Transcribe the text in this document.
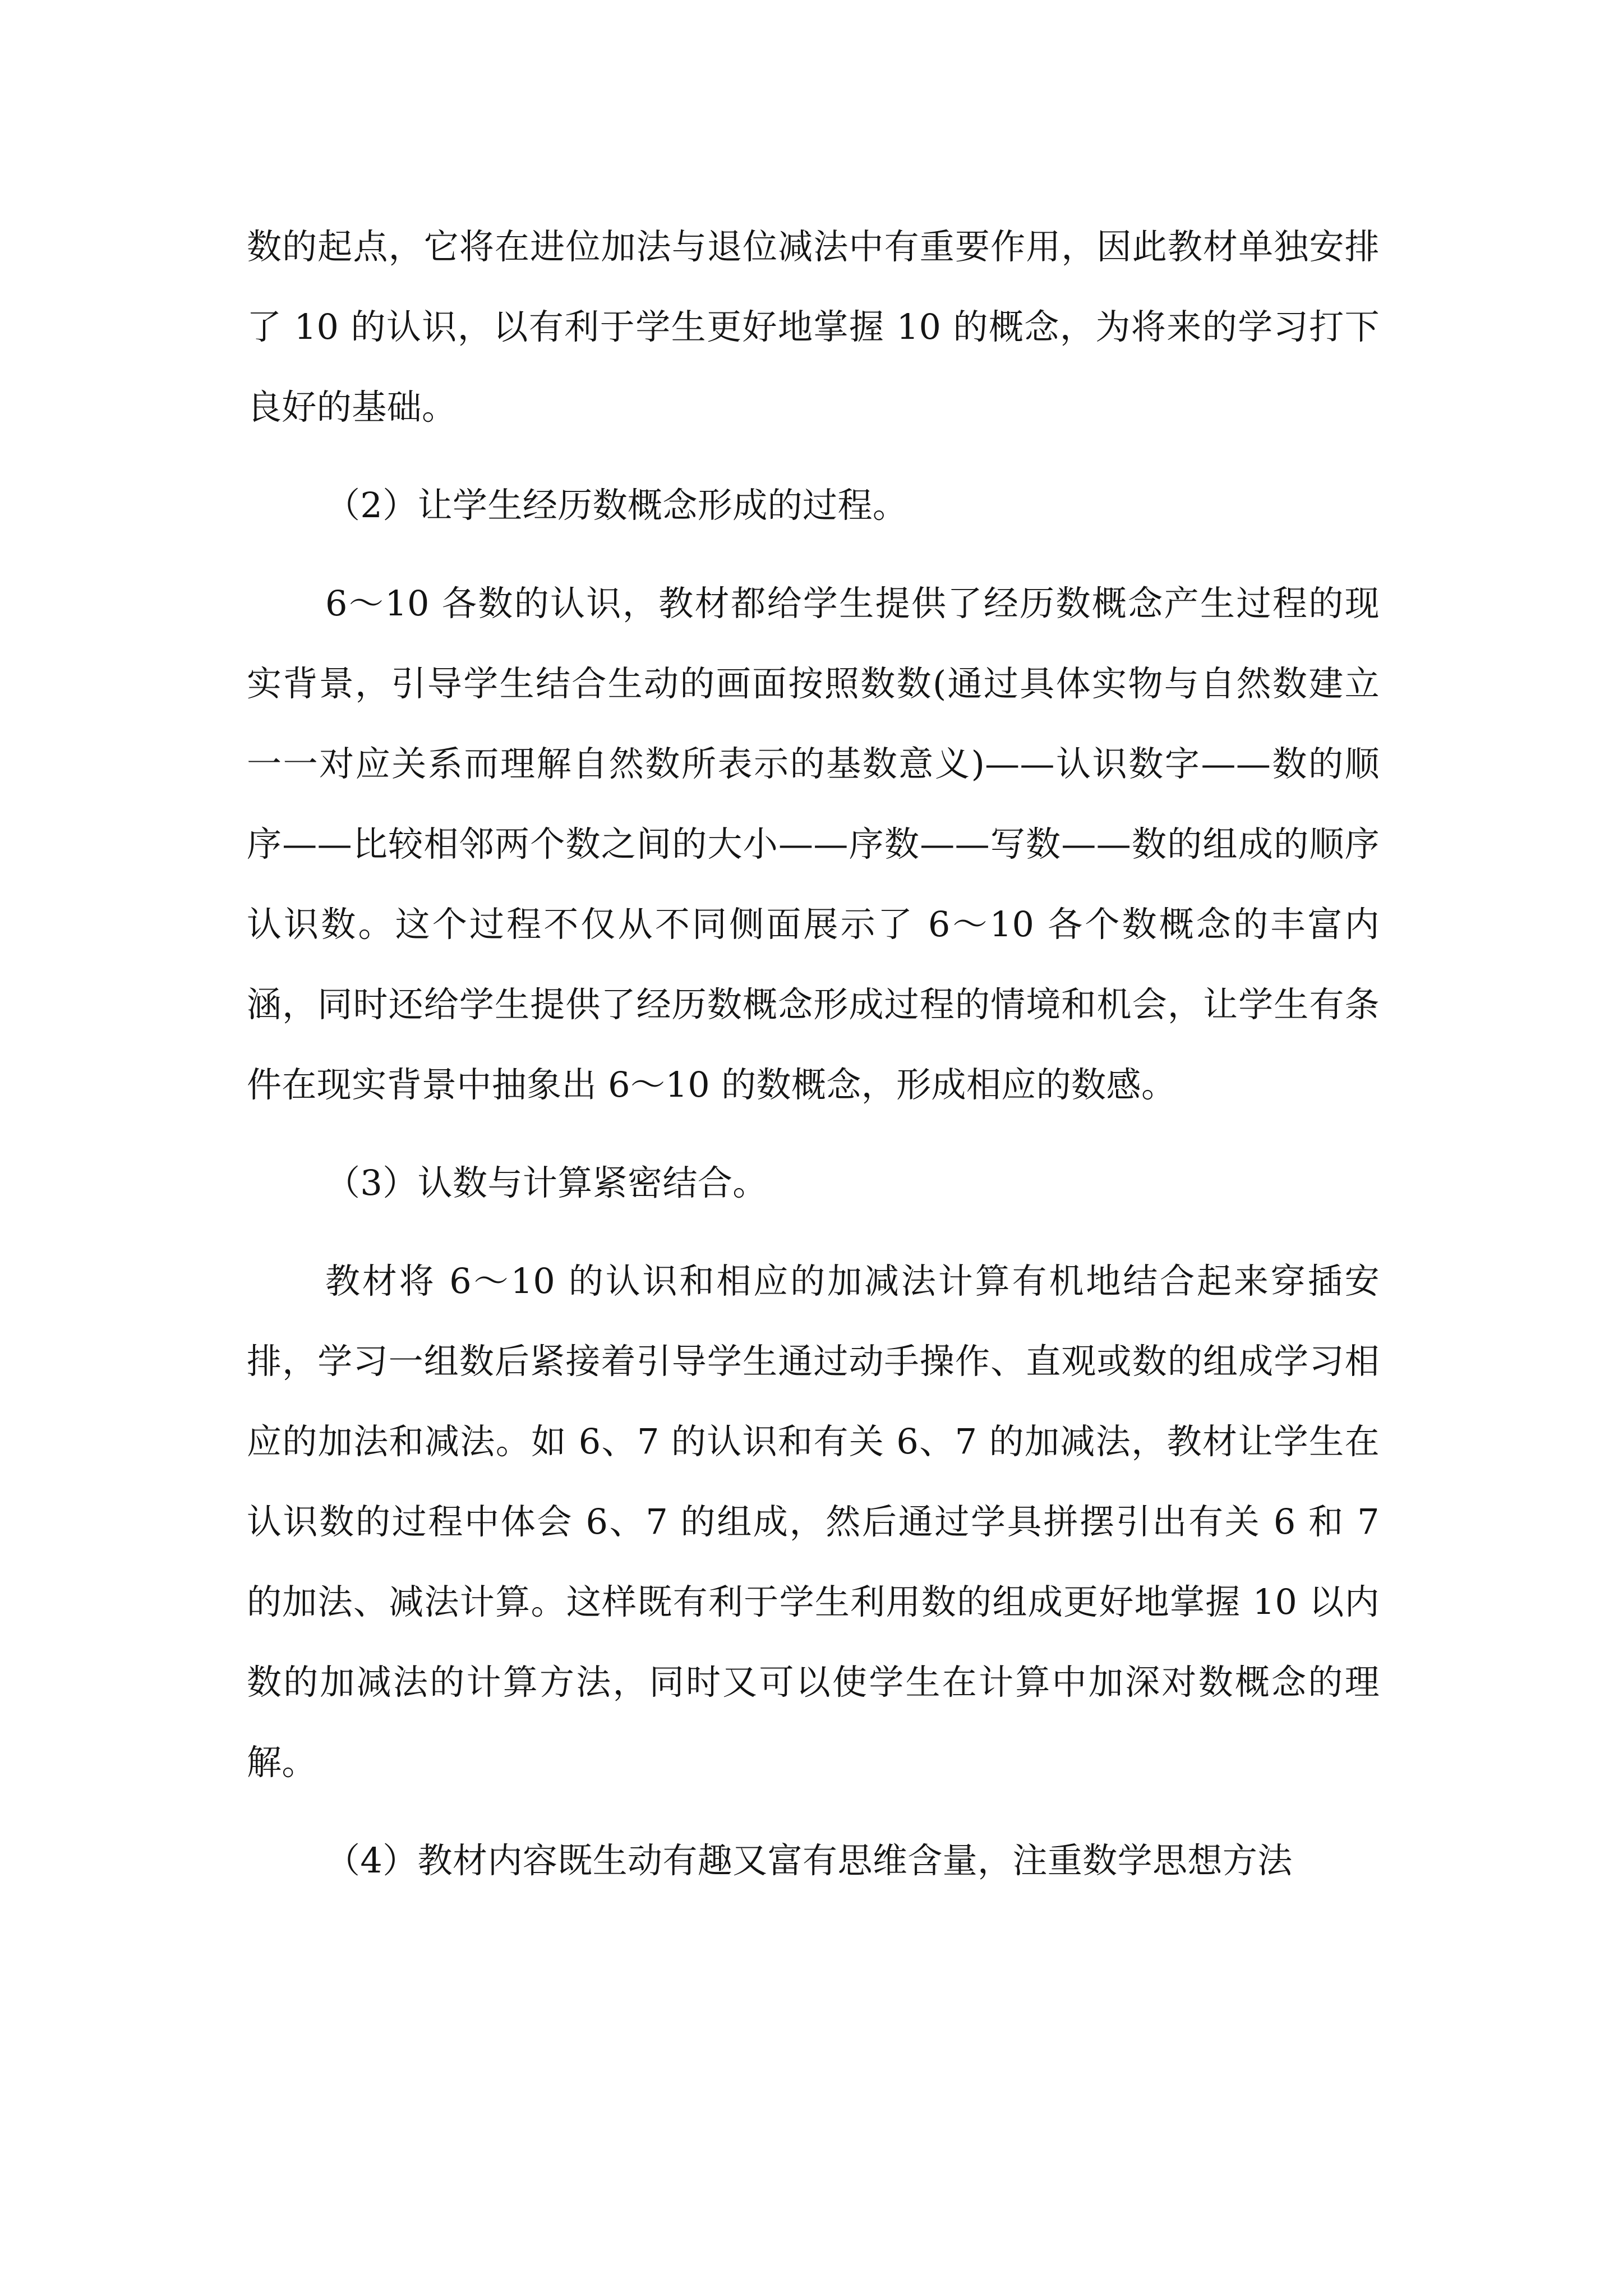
数的起点，它将在进位加法与退位减法中有重要作用，因此教材单独安排了 10 的认识，以有利于学生更好地掌握 10 的概念，为将来的学习打下良好的基础。

（2）让学生经历数概念形成的过程。

6～10 各数的认识，教材都给学生提供了经历数概念产生过程的现实背景，引导学生结合生动的画面按照数数(通过具体实物与自然数建立一一对应关系而理解自然数所表示的基数意义)——认识数字——数的顺序——比较相邻两个数之间的大小——序数——写数——数的组成的顺序认识数。这个过程不仅从不同侧面展示了 6～10 各个数概念的丰富内涵，同时还给学生提供了经历数概念形成过程的情境和机会，让学生有条件在现实背景中抽象出 6～10 的数概念，形成相应的数感。

（3）认数与计算紧密结合。

教材将 6～10 的认识和相应的加减法计算有机地结合起来穿插安排，学习一组数后紧接着引导学生通过动手操作、直观或数的组成学习相应的加法和减法。如 6、7 的认识和有关 6、7 的加减法，教材让学生在认识数的过程中体会 6、7 的组成，然后通过学具拼摆引出有关 6 和 7 的加法、减法计算。这样既有利于学生利用数的组成更好地掌握 10 以内数的加减法的计算方法，同时又可以使学生在计算中加深对数概念的理解。

（4）教材内容既生动有趣又富有思维含量，注重数学思想方法
